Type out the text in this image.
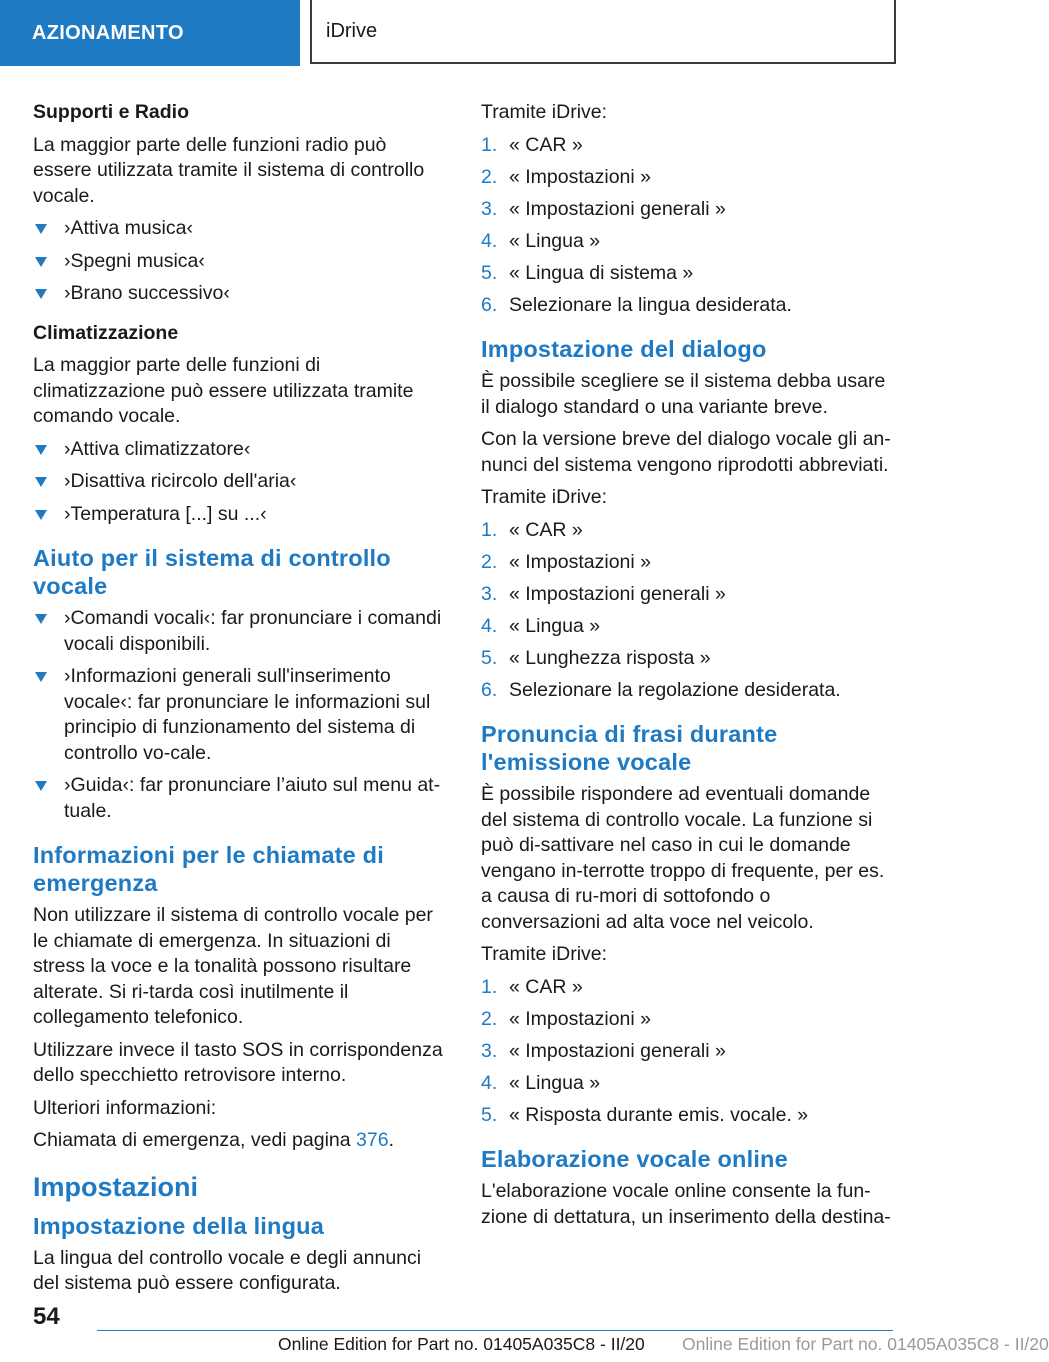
AZIONAMENTO	iDrive

Supporti e Radio

La maggior parte delle funzioni radio può essere utilizzata tramite il sistema di controllo vocale.

›Attiva musica‹
›Spegni musica‹
›Brano successivo‹

Climatizzazione

La maggior parte delle funzioni di climatizzazione può essere utilizzata tramite comando vocale.

›Attiva climatizzatore‹
›Disattiva ricircolo dell'aria‹
›Temperatura [...] su ...‹
Aiuto per il sistema di controllo vocale
›Comandi vocali‹: far pronunciare i comandi vocali disponibili.
›Informazioni generali sull'inserimento vocale‹: far pronunciare le informazioni sul principio di funzionamento del sistema di controllo vo-cale.
›Guida‹: far pronunciare l’aiuto sul menu at-tuale.
Informazioni per le chiamate di emergenza

Non utilizzare il sistema di controllo vocale per le chiamate di emergenza. In situazioni di stress la voce e la tonalità possono risultare alterate. Si ri-tarda così inutilmente il collegamento telefonico.

Utilizzare invece il tasto SOS in corrispondenza dello specchietto retrovisore interno.

Ulteriori informazioni:

Chiamata di emergenza, vedi pagina 376.

Impostazioni
Impostazione della lingua

La lingua del controllo vocale e degli annunci del sistema può essere configurata.

Tramite iDrive:

1. « CAR »
2. « Impostazioni »
3. « Impostazioni generali »
4. « Lingua »
5. « Lingua di sistema »
6. Selezionare la lingua desiderata.
Impostazione del dialogo

È possibile scegliere se il sistema debba usare il dialogo standard o una variante breve.

Con la versione breve del dialogo vocale gli an-nunci del sistema vengono riprodotti abbreviati.

Tramite iDrive:

1. « CAR »
2. « Impostazioni »
3. « Impostazioni generali »
4. « Lingua »
5. « Lunghezza risposta »
6. Selezionare la regolazione desiderata.
Pronuncia di frasi durante l'emissione vocale

È possibile rispondere ad eventuali domande del sistema di controllo vocale. La funzione si può di-sattivare nel caso in cui le domande vengano in-terrotte troppo di frequente, per es. a causa di ru-mori di sottofondo o conversazioni ad alta voce nel veicolo.

Tramite iDrive:

1. « CAR »
2. « Impostazioni »
3. « Impostazioni generali »
4. « Lingua »
5. « Risposta durante emis. vocale. »
Elaborazione vocale online

L'elaborazione vocale online consente la fun-zione di dettatura, un inserimento della destina-

54
Online Edition for Part no. 01405A035C8 - II/20 Online Edition for Part no. 01405A035C8 - II/20
